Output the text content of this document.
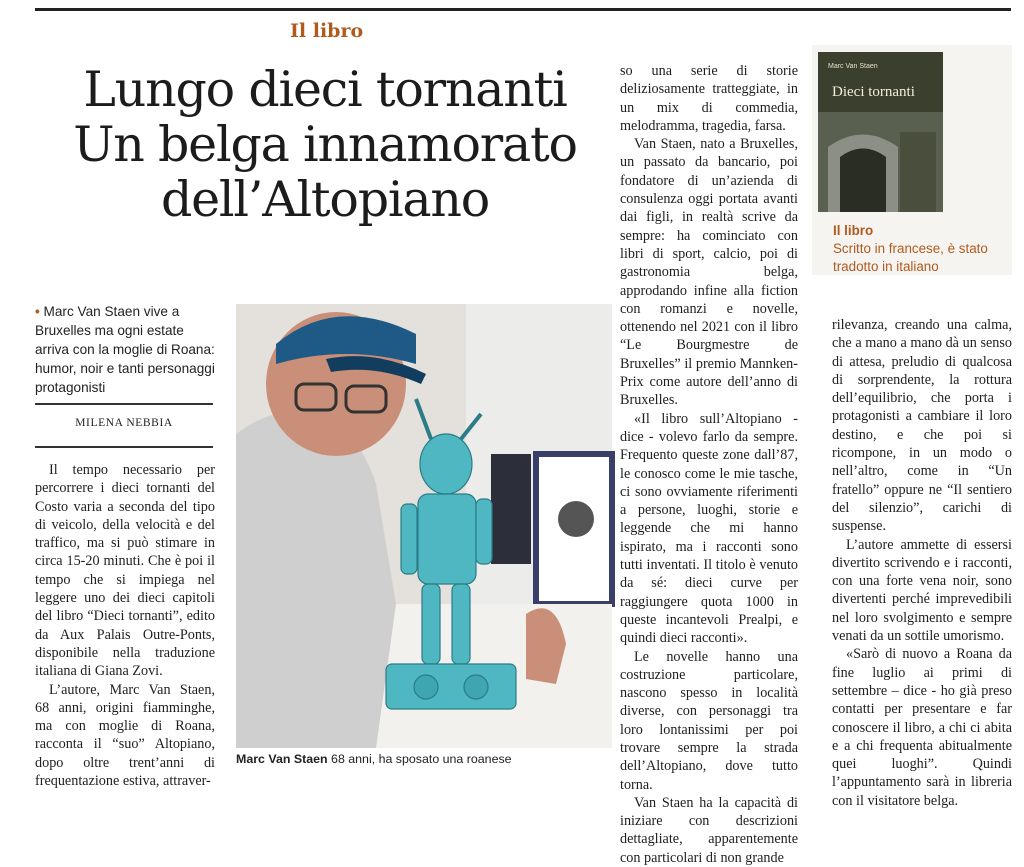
Il libro
Lungo dieci tornanti
Un belga innamorato
dell’Altopiano
• Marc Van Staen vive a Bruxelles ma ogni estate arriva con la moglie di Roana: humor, noir e tanti personaggi protagonisti
MILENA NEBBIA

Il tempo necessario per percorrere i dieci tornanti del Costo varia a seconda del tipo di veicolo, della velocità e del traffico, ma si può stimare in circa 15-20 minuti. Che è poi il tempo che si impiega nel leggere uno dei dieci capitoli del libro “Dieci tornanti”, edito da Aux Palais Outre-Ponts, disponibile nella traduzione italiana di Giana Zovi.

L’autore, Marc Van Staen, 68 anni, origini fiamminghe, ma con moglie di Roana, racconta il “suo” Altopiano, dopo oltre trent’anni di frequentazione estiva, attraver-

Marc Van Staen 68 anni, ha sposato una roanese

so una serie di storie deliziosamente tratteggiate, in un mix di commedia, melodramma, tragedia, farsa.

Van Staen, nato a Bruxelles, un passato da bancario, poi fondatore di un’azienda di consulenza oggi portata avanti dai figli, in realtà scrive da sempre: ha cominciato con libri di sport, calcio, poi di gastronomia belga, approdando infine alla fiction con romanzi e novelle, ottenendo nel 2021 con il libro “Le Bourgmestre de Bruxelles” il premio Mannken-Prix come autore dell’anno di Bruxelles.

«Il libro sull’Altopiano - dice - volevo farlo da sempre. Frequento queste zone dall’87, le conosco come le mie tasche, ci sono ovviamente riferimenti a persone, luoghi, storie e leggende che mi hanno ispirato, ma i racconti sono tutti inventati. Il titolo è venuto da sé: dieci curve per raggiungere quota 1000 in queste incantevoli Prealpi, e quindi dieci racconti».

Le novelle hanno una costruzione particolare, nascono spesso in località diverse, con personaggi tra loro lontanissimi per poi trovare sempre la strada dell’Altopiano, dove tutto torna.

Van Staen ha la capacità di iniziare con descrizioni dettagliate, apparentemente con particolari di non grande

Marc Van Staen
Dieci tornanti
Il libro
Scritto in francese, è stato tradotto in italiano

rilevanza, creando una calma, che a mano a mano dà un senso di attesa, preludio di qualcosa di sorprendente, la rottura dell’equilibrio, che porta i protagonisti a cambiare il loro destino, e che poi si ricompone, in un modo o nell’altro, come in “Un fratello” oppure ne “Il sentiero del silenzio”, carichi di suspense.

L’autore ammette di essersi divertito scrivendo e i racconti, con una forte vena noir, sono divertenti perché imprevedibili nel loro svolgimento e sempre venati da un sottile umorismo.

«Sarò di nuovo a Roana da fine luglio ai primi di settembre – dice - ho già preso contatti per presentare e far conoscere il libro, a chi ci abita e a chi frequenta abitualmente quei luoghi”. Quindi l’appuntamento sarà in libreria con il visitatore belga.
